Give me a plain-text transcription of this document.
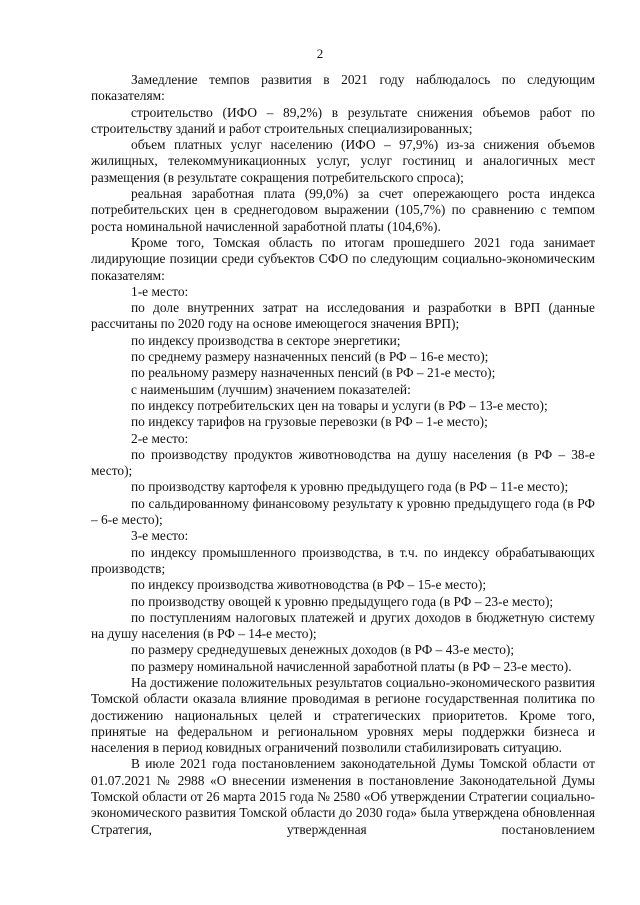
2

Замедление темпов развития в 2021 году наблюдалось по следующим показателям:

строительство (ИФО – 89,2%) в результате снижения объемов работ по строительству зданий и работ строительных специализированных;

объем платных услуг населению (ИФО – 97,9%) из-за снижения объемов жилищных, телекоммуникационных услуг, услуг гостиниц и аналогичных мест размещения (в результате сокращения потребительского спроса);

реальная заработная плата (99,0%) за счет опережающего роста индекса потребительских цен в среднегодовом выражении (105,7%) по сравнению с темпом роста номинальной начисленной заработной платы (104,6%).

Кроме того, Томская область по итогам прошедшего 2021 года занимает лидирующие позиции среди субъектов СФО по следующим социально-экономическим показателям:

1-е место:

по доле внутренних затрат на исследования и разработки в ВРП (данные рассчитаны по 2020 году на основе имеющегося значения ВРП);

по индексу производства в секторе энергетики;

по среднему размеру назначенных пенсий (в РФ – 16-е место);

по реальному размеру назначенных пенсий (в РФ – 21-е место);

с наименьшим (лучшим) значением показателей:

по индексу потребительских цен на товары и услуги (в РФ – 13-е место);

по индексу тарифов на грузовые перевозки (в РФ – 1-е место);

2-е место:

по производству продуктов животноводства на душу населения (в РФ – 38-е место);

по производству картофеля к уровню предыдущего года (в РФ – 11-е место);

по сальдированному финансовому результату к уровню предыдущего года (в РФ – 6-е место);

3-е место:

по индексу промышленного производства, в т.ч. по индексу обрабатывающих производств;

по индексу производства животноводства (в РФ – 15-е место);

по производству овощей к уровню предыдущего года (в РФ – 23-е место);

по поступлениям налоговых платежей и других доходов в бюджетную систему на душу населения (в РФ – 14-е место);

по размеру среднедушевых денежных доходов (в РФ – 43-е место);

по размеру номинальной начисленной заработной платы (в РФ – 23-е место).

На достижение положительных результатов социально-экономического развития Томской области оказала влияние проводимая в регионе государственная политика по достижению национальных целей и стратегических приоритетов. Кроме того, принятые на федеральном и региональном уровнях меры поддержки бизнеса и населения в период ковидных ограничений позволили стабилизировать ситуацию.

В июле 2021 года постановлением законодательной Думы Томской области от 01.07.2021 № 2988 «О внесении изменения в постановление Законодательной Думы Томской области от 26 марта 2015 года № 2580 «Об утверждении Стратегии социально-экономического развития Томской области до 2030 года» была утверждена обновленная Стратегия, утвержденная постановлением
